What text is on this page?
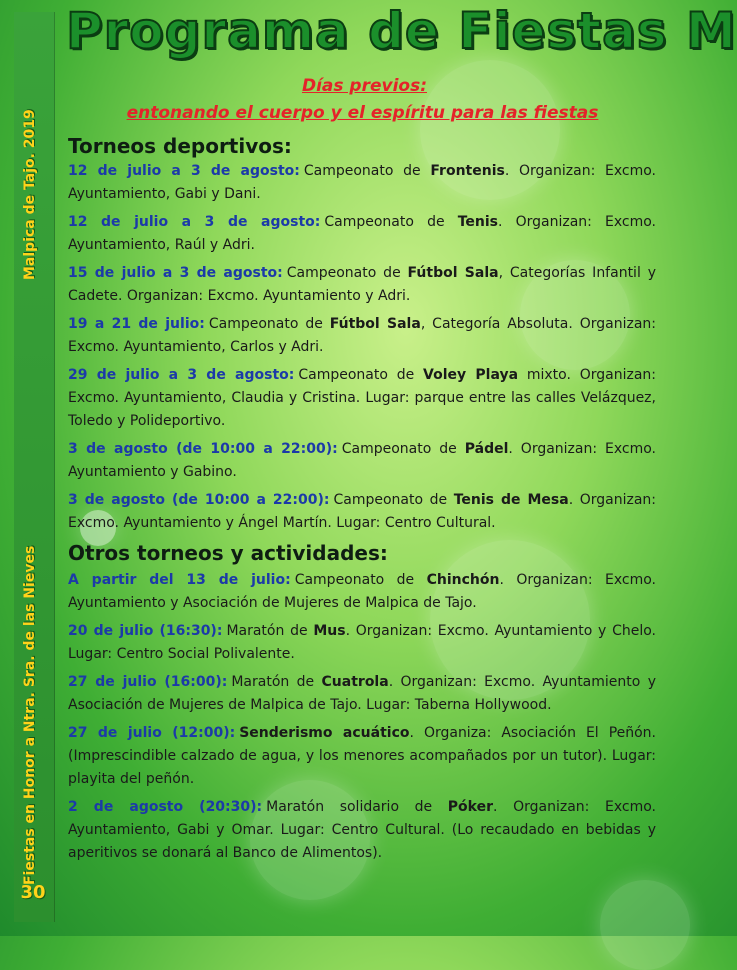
Malpica de Tajo. 2019
Fiestas en Honor a Ntra. Sra. de las Nieves
30
Programa de Fiestas M
Días previos:
entonando el cuerpo y el espíritu para las fiestas
Torneos deportivos:

12 de julio a 3 de agosto: Campeonato de Frontenis. Organizan: Excmo. Ayuntamiento, Gabi y Dani.

12 de julio a 3 de agosto: Campeonato de Tenis. Organizan: Excmo. Ayuntamiento, Raúl y Adri.

15 de julio a 3 de agosto: Campeonato de Fútbol Sala, Categorías Infantil y Cadete. Organizan: Excmo. Ayuntamiento y Adri.

19 a 21 de julio: Campeonato de Fútbol Sala, Categoría Absoluta. Organizan: Excmo. Ayuntamiento, Carlos y Adri.

29 de julio a 3 de agosto: Campeonato de Voley Playa mixto. Organizan: Excmo. Ayuntamiento, Claudia y Cristina. Lugar: parque entre las calles Velázquez, Toledo y Polideportivo.

3 de agosto (de 10:00 a 22:00): Campeonato de Pádel. Organizan: Excmo. Ayuntamiento y Gabino.

3 de agosto (de 10:00 a 22:00): Campeonato de Tenis de Mesa. Organizan: Excmo. Ayuntamiento y Ángel Martín. Lugar: Centro Cultural.

Otros torneos y actividades:

A partir del 13 de julio: Campeonato de Chinchón. Organizan: Excmo. Ayuntamiento y Asociación de Mujeres de Malpica de Tajo.

20 de julio (16:30): Maratón de Mus. Organizan: Excmo. Ayuntamiento y Chelo. Lugar: Centro Social Polivalente.

27 de julio (16:00): Maratón de Cuatrola. Organizan: Excmo. Ayuntamiento y Asociación de Mujeres de Malpica de Tajo. Lugar: Taberna Hollywood.

27 de julio (12:00): Senderismo acuático. Organiza: Asociación El Peñón. (Imprescindible calzado de agua, y los menores acompañados por un tutor). Lugar: playita del peñón.

2 de agosto (20:30): Maratón solidario de Póker. Organizan: Excmo. Ayuntamiento, Gabi y Omar. Lugar: Centro Cultural. (Lo recaudado en bebidas y aperitivos se donará al Banco de Alimentos).
